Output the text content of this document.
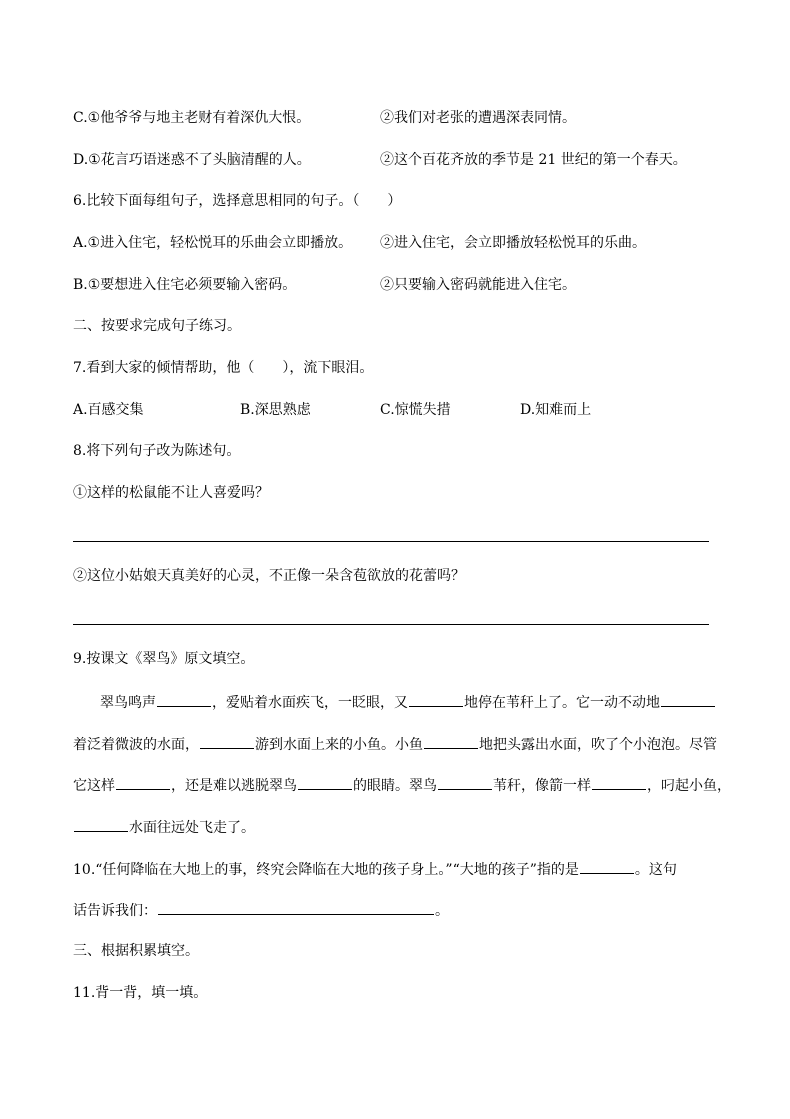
C.①他爷爷与地主老财有着深仇大恨。	②我们对老张的遭遇深表同情。
D.①花言巧语迷惑不了头脑清醒的人。	②这个百花齐放的季节是 21 世纪的第一个春天。
6.比较下面每组句子，选择意思相同的句子。（　　）
A.①进入住宅，轻松悦耳的乐曲会立即播放。 ②进入住宅，会立即播放轻松悦耳的乐曲。
B.①要想进入住宅必须要输入密码。	②只要输入密码就能进入住宅。
二、按要求完成句子练习。
7.看到大家的倾情帮助，他（　　），流下眼泪。
A.百感交集	B.深思熟虑	C.惊慌失措	D.知难而上
8.将下列句子改为陈述句。
①这样的松鼠能不让人喜爱吗？
②这位小姑娘天真美好的心灵，不正像一朵含苞欲放的花蕾吗？
9.按课文《翠鸟》原文填空。
翠鸟鸣声	，爱贴着水面疾飞，一眨眼，又	地停在苇秆上了。它一动不动地
着泛着微波的水面，	游到水面上来的小鱼。小鱼	地把头露出水面，吹了个小泡泡。尽管
它这样	，还是难以逃脱翠鸟	的眼睛。翠鸟	苇秆，像箭一样	，叼起小鱼，
水面往远处飞走了。
10.“任何降临在大地上的事，终究会降临在大地的孩子身上。”“大地的孩子”指的是	。这句
话告诉我们：	。
三、根据积累填空。
11.背一背，填一填。
